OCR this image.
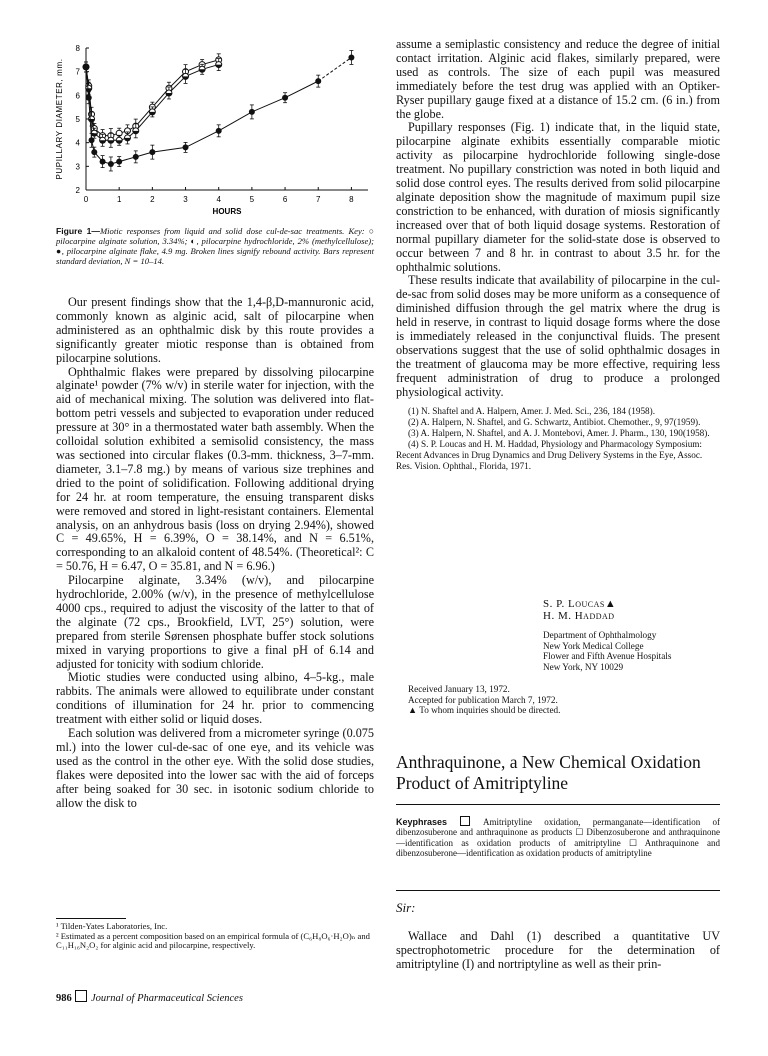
0	1	2	3	4	5	6	7	8
2
3
4
5
6
7
8
HOURS
PUPILLARY DIAMETER, mm.
Figure 1—Miotic responses from liquid and solid dose cul-de-sac treatments. Key: ○ pilocarpine alginate solution, 3.34%; ◐, pilocarpine hydrochloride, 2% (methylcellulose); ●, pilocarpine alginate flake, 4.9 mg. Broken lines signify rebound activity. Bars represent standard deviation, N = 10–14.

Our present findings show that the 1,4-β,D-mannuronic acid, commonly known as alginic acid, salt of pilocarpine when administered as an ophthalmic disk by this route provides a significantly greater miotic response than is obtained from pilocarpine solutions.

Ophthalmic flakes were prepared by dissolving pilocarpine alginate¹ powder (7% w/v) in sterile water for injection, with the aid of mechanical mixing. The solution was delivered into flat-bottom petri vessels and subjected to evaporation under reduced pressure at 30° in a thermostated water bath assembly. When the colloidal solution exhibited a semisolid consistency, the mass was sectioned into circular flakes (0.3-mm. thickness, 3–7-mm. diameter, 3.1–7.8 mg.) by means of various size trephines and dried to the point of solidification. Following additional drying for 24 hr. at room temperature, the ensuing transparent disks were removed and stored in light-resistant containers. Elemental analysis, on an anhydrous basis (loss on drying 2.94%), showed C = 49.65%, H = 6.39%, O = 38.14%, and N = 6.51%, corresponding to an alkaloid content of 48.54%. (Theoretical²: C = 50.76, H = 6.47, O = 35.81, and N = 6.96.)

Pilocarpine alginate, 3.34% (w/v), and pilocarpine hydrochloride, 2.00% (w/v), in the presence of methylcellulose 4000 cps., required to adjust the viscosity of the latter to that of the alginate (72 cps., Brookfield, LVT, 25°) solution, were prepared from sterile Sørensen phosphate buffer stock solutions mixed in varying proportions to give a final pH of 6.14 and adjusted for tonicity with sodium chloride.

Miotic studies were conducted using albino, 4–5-kg., male rabbits. The animals were allowed to equilibrate under constant conditions of illumination for 24 hr. prior to commencing treatment with either solid or liquid doses.

Each solution was delivered from a micrometer syringe (0.075 ml.) into the lower cul-de-sac of one eye, and its vehicle was used as the control in the other eye. With the solid dose studies, flakes were deposited into the lower sac with the aid of forceps after being soaked for 30 sec. in isotonic sodium chloride to allow the disk to

¹ Tilden-Yates Laboratories, Inc.
² Estimated as a percent composition based on an empirical formula of (C₆H₈O₆·H₂O)ₙ and C₁₁H₁₆N₂O₂ for alginic acid and pilocarpine, respectively.
986 Journal of Pharmaceutical Sciences

assume a semiplastic consistency and reduce the degree of initial contact irritation. Alginic acid flakes, similarly prepared, were used as controls. The size of each pupil was measured immediately before the test drug was applied with an Optiker-Ryser pupillary gauge fixed at a distance of 15.2 cm. (6 in.) from the globe.

Pupillary responses (Fig. 1) indicate that, in the liquid state, pilocarpine alginate exhibits essentially comparable miotic activity as pilocarpine hydrochloride following single-dose treatment. No pupillary constriction was noted in both liquid and solid dose control eyes. The results derived from solid pilocarpine alginate deposition show the magnitude of maximum pupil size constriction to be enhanced, with duration of miosis significantly increased over that of both liquid dosage systems. Restoration of normal pupillary diameter for the solid-state dose is observed to occur between 7 and 8 hr. in contrast to about 3.5 hr. for the ophthalmic solutions.

These results indicate that availability of pilocarpine in the cul-de-sac from solid doses may be more uniform as a consequence of diminished diffusion through the gel matrix where the drug is held in reserve, in contrast to liquid dosage forms where the dose is immediately released in the conjunctival fluids. The present observations suggest that the use of solid ophthalmic dosages in the treatment of glaucoma may be more effective, requiring less frequent administration of drug to produce a prolonged physiological activity.

(1) N. Shaftel and A. Halpern, Amer. J. Med. Sci., 236, 184 (1958).
(2) A. Halpern, N. Shaftel, and G. Schwartz, Antibiot. Chemother., 9, 97(1959).
(3) A. Halpern, N. Shaftel, and A. J. Montebovi, Amer. J. Pharm., 130, 190(1958).
(4) S. P. Loucas and H. M. Haddad, Physiology and Pharmacology Symposium: Recent Advances in Drug Dynamics and Drug Delivery Systems in the Eye, Assoc. Res. Vision. Ophthal., Florida, 1971.
S. P. Loucas▲
H. M. Haddad
Department of Ophthalmology
New York Medical College
Flower and Fifth Avenue Hospitals
New York, NY 10029
Received January 13, 1972.
Accepted for publication March 7, 1972.
▲ To whom inquiries should be directed.
Anthraquinone, a New Chemical Oxidation Product of Amitriptyline
Keyphrases	Amitriptyline oxidation, permanganate—identification of dibenzosuberone and anthraquinone as products ☐ Dibenzosuberone and anthraquinone—identification as oxidation products of amitriptyline ☐ Anthraquinone and dibenzosuberone—identification as oxidation products of amitriptyline
Sir:

Wallace and Dahl (1) described a quantitative UV spectrophotometric procedure for the determination of amitriptyline (I) and nortriptyline as well as their prin-
